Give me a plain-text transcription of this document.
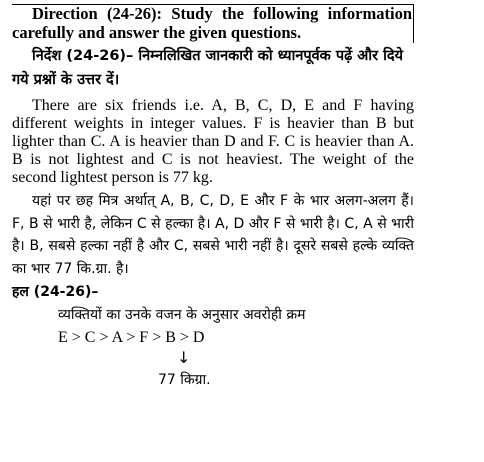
Direction (24-26): Study the following information carefully and answer the given questions.
निर्देश (24-26)– निम्नलिखित जानकारी को ध्यानपूर्वक पढ़ें और दिये गये प्रश्नों के उत्तर दें।
There are six friends i.e. A, B, C, D, E and F having different weights in integer values. F is heavier than B but lighter than C. A is heavier than D and F. C is heavier than A. B is not lightest and C is not heaviest. The weight of the second lightest person is 77 kg.
यहां पर छह मित्र अर्थात् A, B, C, D, E और F के भार अलग-अलग हैं। F, B से भारी है, लेकिन C से हल्का है। A, D और F से भारी है। C, A से भारी है। B, सबसे हल्का नहीं है और C, सबसे भारी नहीं है। दूसरे सबसे हल्के व्यक्ति का भार 77 कि.ग्रा. है।
हल (24-26)–
व्यक्तियों का उनके वजन के अनुसार अवरोही क्रम
E > C > A > F > B > D
↓
77 किग्रा.
